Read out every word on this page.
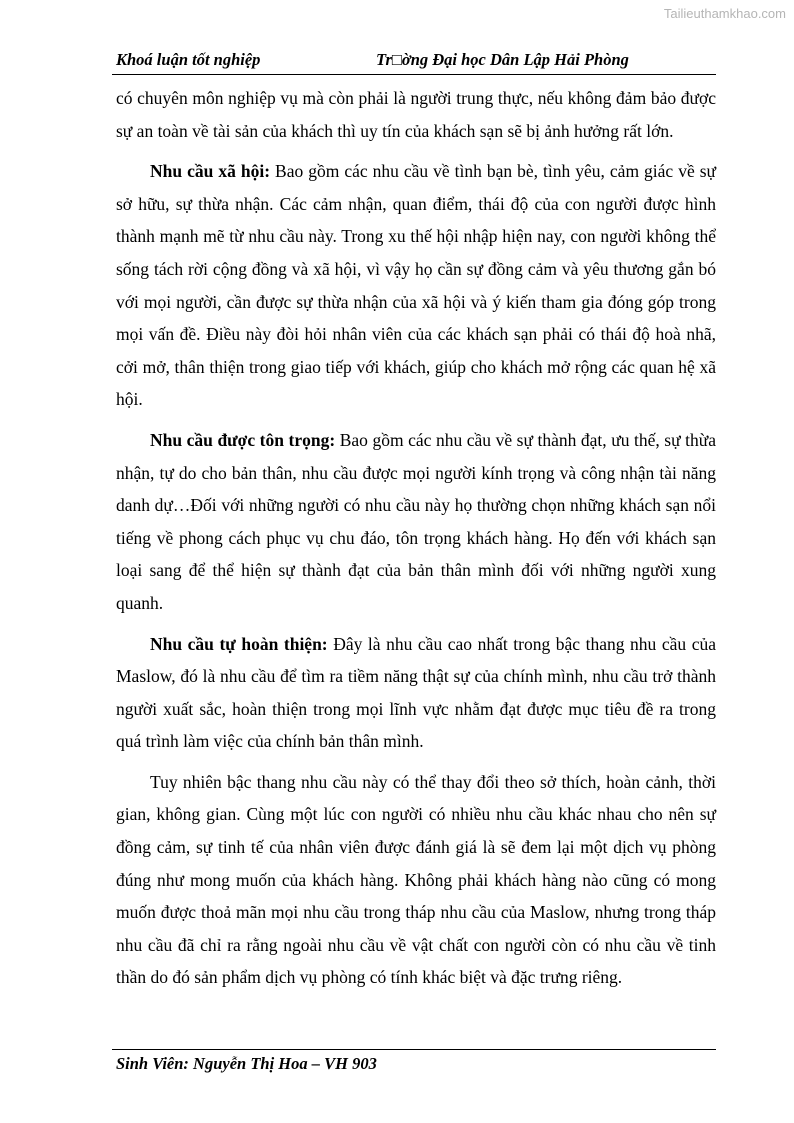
Tailieuthamkhao.com
Khoá luận tốt nghiệp	Tr□ờng Đại học Dân Lập Hải Phòng

có chuyên môn nghiệp vụ mà còn phải là người trung thực, nếu không đảm bảo được sự an toàn về tài sản của khách thì uy tín của khách sạn sẽ bị ảnh hưởng rất lớn.

Nhu cầu xã hội: Bao gồm các nhu cầu về tình bạn bè, tình yêu, cảm giác về sự sở hữu, sự thừa nhận. Các cảm nhận, quan điểm, thái độ của con người được hình thành mạnh mẽ từ nhu cầu này. Trong xu thế hội nhập hiện nay, con người không thể sống tách rời cộng đồng và xã hội, vì vậy họ cần sự đồng cảm và yêu thương gắn bó với mọi người, cần được sự thừa nhận của xã hội và ý kiến tham gia đóng góp trong mọi vấn đề. Điều này đòi hỏi nhân viên của các khách sạn phải có thái độ hoà nhã, cởi mở, thân thiện trong giao tiếp với khách, giúp cho khách mở rộng các quan hệ xã hội.

Nhu cầu được tôn trọng: Bao gồm các nhu cầu về sự thành đạt, ưu thế, sự thừa nhận, tự do cho bản thân, nhu cầu được mọi người kính trọng và công nhận tài năng danh dự…Đối với những người có nhu cầu này họ thường chọn những khách sạn nổi tiếng về phong cách phục vụ chu đáo, tôn trọng khách hàng. Họ đến với khách sạn loại sang để thể hiện sự thành đạt của bản thân mình đối với những người xung quanh.

Nhu cầu tự hoàn thiện: Đây là nhu cầu cao nhất trong bậc thang nhu cầu của Maslow, đó là nhu cầu để tìm ra tiềm năng thật sự của chính mình, nhu cầu trở thành người xuất sắc, hoàn thiện trong mọi lĩnh vực nhằm đạt được mục tiêu đề ra trong quá trình làm việc của chính bản thân mình.

Tuy nhiên bậc thang nhu cầu này có thể thay đổi theo sở thích, hoàn cảnh, thời gian, không gian. Cùng một lúc con người có nhiều nhu cầu khác nhau cho nên sự đồng cảm, sự tinh tế của nhân viên được đánh giá là sẽ đem lại một dịch vụ phòng đúng như mong muốn của khách hàng. Không phải khách hàng nào cũng có mong muốn được thoả mãn mọi nhu cầu trong tháp nhu cầu của Maslow, nhưng trong tháp nhu cầu đã chỉ ra rằng ngoài nhu cầu về vật chất con người còn có nhu cầu về tinh thần do đó sản phẩm dịch vụ phòng có tính khác biệt và đặc trưng riêng.

Sinh Viên: Nguyễn Thị Hoa – VH 903
